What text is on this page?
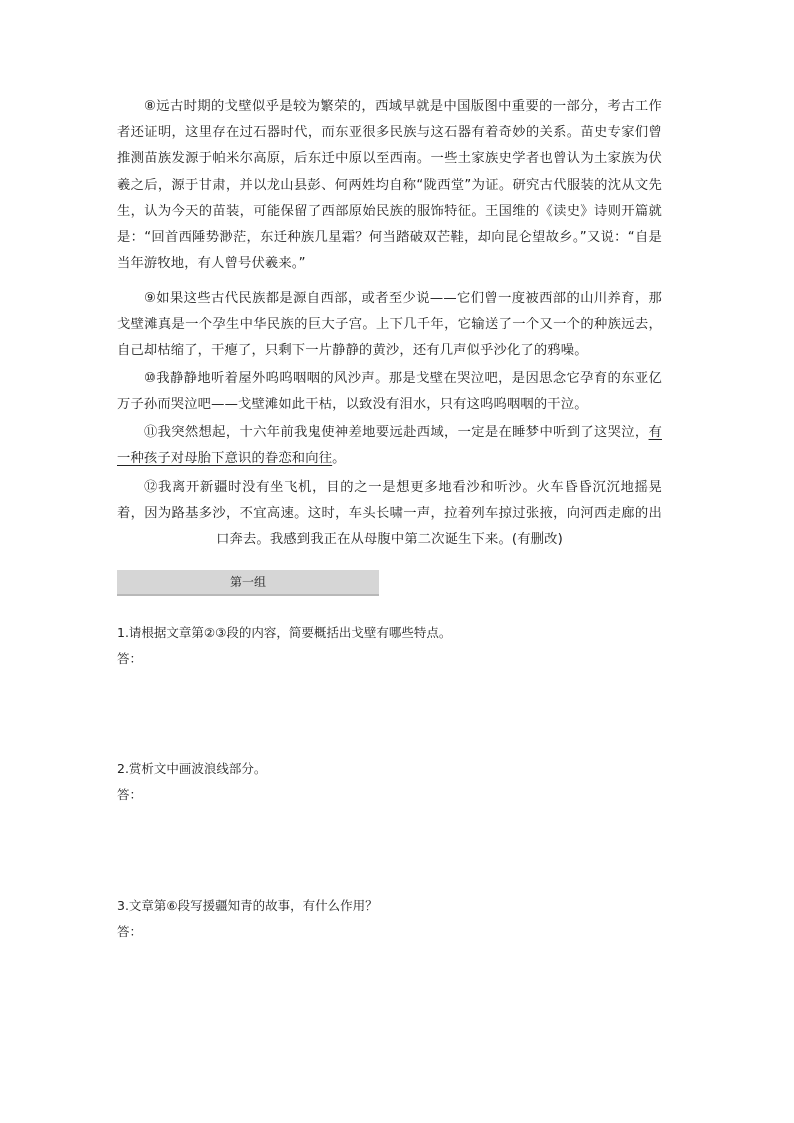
⑧远古时期的戈壁似乎是较为繁荣的，西域早就是中国版图中重要的一部分，考古工作者还证明，这里存在过石器时代，而东亚很多民族与这石器有着奇妙的关系。苗史专家们曾推测苗族发源于帕米尔高原，后东迁中原以至西南。一些土家族史学者也曾认为土家族为伏羲之后，源于甘肃，并以龙山县彭、何两姓均自称“陇西堂”为证。研究古代服装的沈从文先生，认为今天的苗装，可能保留了西部原始民族的服饰特征。王国维的《读史》诗则开篇就是：“回首西陲势渺茫，东迁种族几星霜？何当踏破双芒鞋，却向昆仑望故乡。”又说：“自是当年游牧地，有人曾号伏羲来。”

⑨如果这些古代民族都是源自西部，或者至少说——它们曾一度被西部的山川养育，那戈壁滩真是一个孕生中华民族的巨大子宫。上下几千年，它输送了一个又一个的种族远去，自己却枯缩了，干瘪了，只剩下一片静静的黄沙，还有几声似乎沙化了的鸦噪。

⑩我静静地听着屋外呜呜咽咽的风沙声。那是戈壁在哭泣吧，是因思念它孕育的东亚亿万子孙而哭泣吧——戈壁滩如此干枯，以致没有泪水，只有这呜呜咽咽的干泣。

⑪我突然想起，十六年前我鬼使神差地要远赴西域，一定是在睡梦中听到了这哭泣，有一种孩子对母胎下意识的眷恋和向往。

⑫我离开新疆时没有坐飞机，目的之一是想更多地看沙和听沙。火车昏昏沉沉地摇晃着，因为路基多沙，不宜高速。这时，车头长啸一声，拉着列车掠过张掖，向河西走廊的出口奔去。我感到我正在从母腹中第二次诞生下来。(有删改)

第一组

1.请根据文章第②③段的内容，简要概括出戈壁有哪些特点。

答：

2.赏析文中画波浪线部分。

答：

3.文章第⑥段写援疆知青的故事，有什么作用？

答：
